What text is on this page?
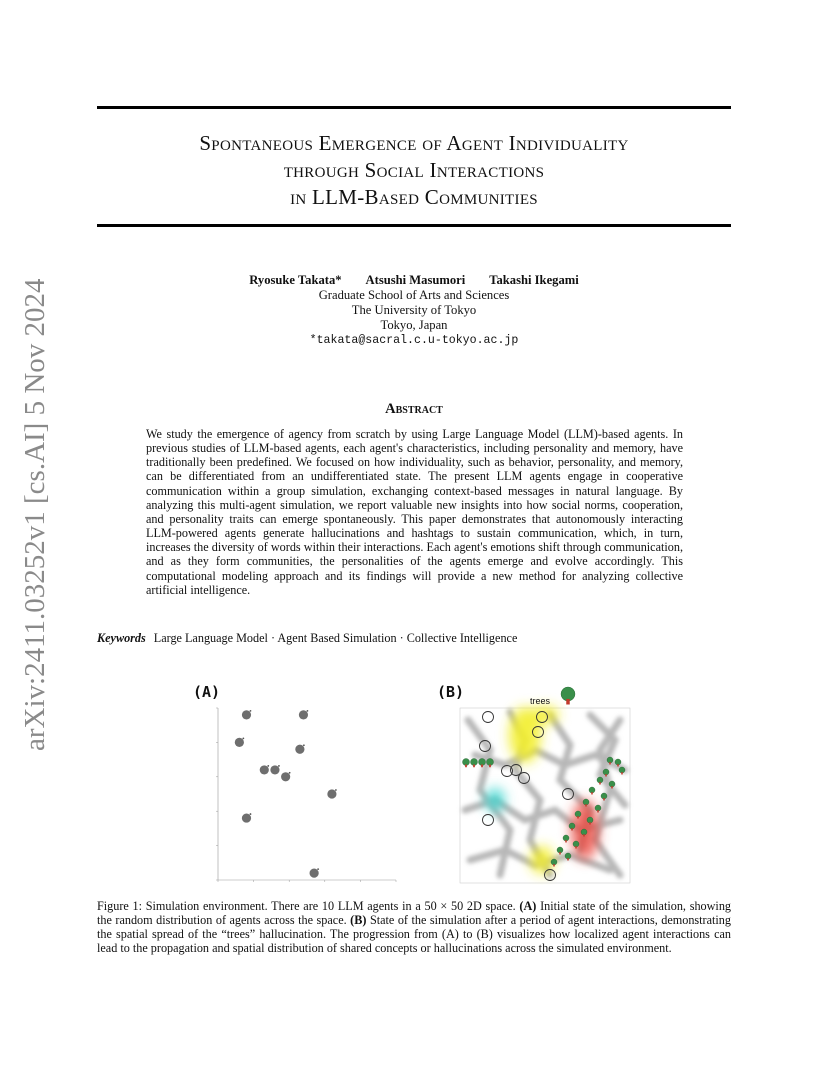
Spontaneous Emergence of Agent Individuality
through Social Interactions
in LLM-Based Communities
arXiv:2411.03252v1 [cs.AI] 5 Nov 2024	Ryosuke Takata* Atsushi Masumori Takashi Ikegami
Graduate School of Arts and Sciences
The University of Tokyo
Tokyo, Japan
*takata@sacral.c.u-tokyo.ac.jp
Abstract
We study the emergence of agency from scratch by using Large Language Model (LLM)-based agents. In previous studies of LLM-based agents, each agent's characteristics, including personality and memory, have traditionally been predefined. We focused on how individuality, such as behavior, personality, and memory, can be differentiated from an undifferentiated state. The present LLM agents engage in cooperative communication within a group simulation, exchanging context-based messages in natural language. By analyzing this multi-agent simulation, we report valuable new insights into how social norms, cooperation, and personality traits can emerge spontaneously. This paper demonstrates that autonomously interacting LLM-powered agents generate hallucinations and hashtags to sustain communication, which, in turn, increases the diversity of words within their interactions. Each agent's emotions shift through communication, and as they form communities, the personalities of the agents emerge and evolve accordingly. This computational modeling approach and its findings will provide a new method for analyzing collective artificial intelligence.
Keywords Large Language Model · Agent Based Simulation · Collective Intelligence
(A)	(B)	trees
Figure 1: Simulation environment. There are 10 LLM agents in a 50 × 50 2D space. (A) Initial state of the simulation, showing the random distribution of agents across the space. (B) State of the simulation after a period of agent interactions, demonstrating the spatial spread of the “trees” hallucination. The progression from (A) to (B) visualizes how localized agent interactions can lead to the propagation and spatial distribution of shared concepts or hallucinations across the simulated environment.
